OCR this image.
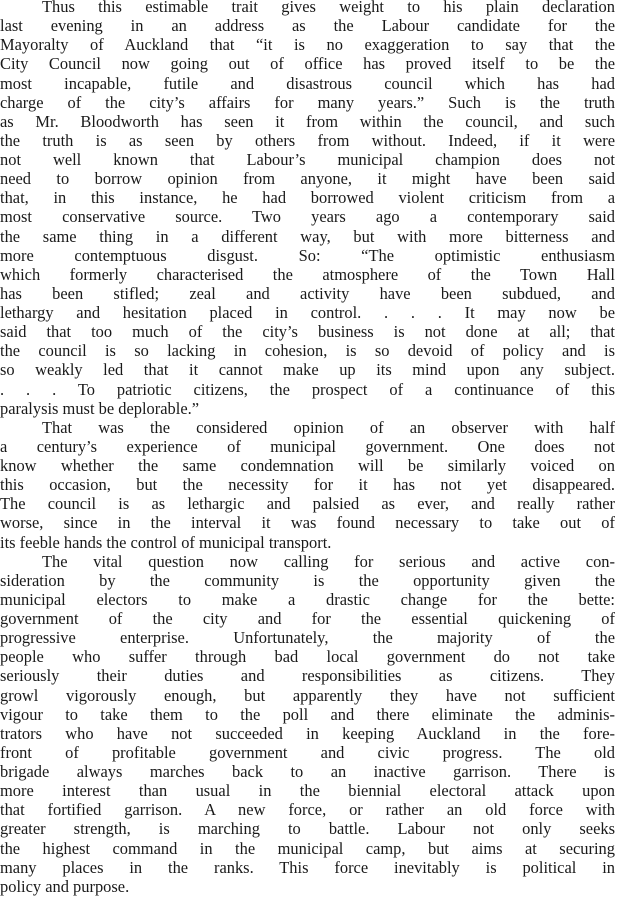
Thus this estimable trait gives weight to his plain declaration
last evening in an address as the Labour candidate for the
Mayoralty of Auckland that “it is no exaggeration to say that the
City Council now going out of office has proved itself to be the
most incapable, futile and disastrous council which has had
charge of the city’s affairs for many years.” Such is the truth
as Mr. Bloodworth has seen it from within the council, and such
the truth is as seen by others from without. Indeed, if it were
not well known that Labour’s municipal champion does not
need to borrow opinion from anyone, it might have been said
that, in this instance, he had borrowed violent criticism from a
most conservative source. Two years ago a contemporary said
the same thing in a different way, but with more bitterness and
more contemptuous disgust. So: “The optimistic enthusiasm
which formerly characterised the atmosphere of the Town Hall
has been stifled; zeal and activity have been subdued, and
lethargy and hesitation placed in control. . . . It may now be
said that too much of the city’s business is not done at all; that
the council is so lacking in cohesion, is so devoid of policy and is
so weakly led that it cannot make up its mind upon any subject.
. . . To patriotic citizens, the prospect of a continuance of this
paralysis must be deplorable.”
That was the considered opinion of an observer with half
a century’s experience of municipal government. One does not
know whether the same condemnation will be similarly voiced on
this occasion, but the necessity for it has not yet disappeared.
The council is as lethargic and palsied as ever, and really rather
worse, since in the interval it was found necessary to take out of
its feeble hands the control of municipal transport.
The vital question now calling for serious and active con-
sideration by the community is the opportunity given the
municipal electors to make a drastic change for the bette:
government of the city and for the essential quickening of
progressive enterprise. Unfortunately, the majority of the
people who suffer through bad local government do not take
seriously their duties and responsibilities as citizens. They
growl vigorously enough, but apparently they have not sufficient
vigour to take them to the poll and there eliminate the adminis-
trators who have not succeeded in keeping Auckland in the fore-
front of profitable government and civic progress. The old
brigade always marches back to an inactive garrison. There is
more interest than usual in the biennial electoral attack upon
that fortified garrison. A new force, or rather an old force with
greater strength, is marching to battle. Labour not only seeks
the highest command in the municipal camp, but aims at securing
many places in the ranks. This force inevitably is political in
policy and purpose.
